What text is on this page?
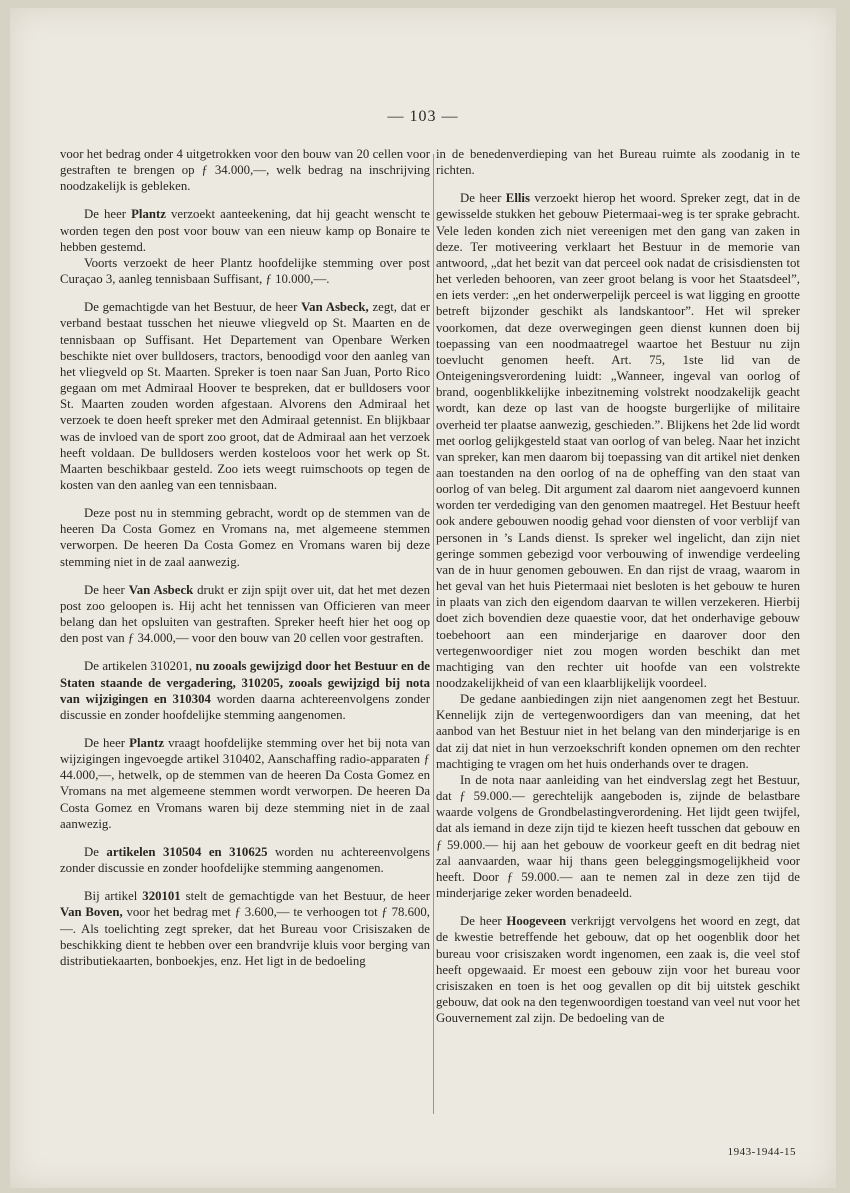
— 103 —

voor het bedrag onder 4 uitgetrokken voor den bouw van 20 cellen voor gestraften te brengen op ƒ 34.000,—, welk bedrag na inschrijving noodzakelijk is gebleken.

De heer Plantz verzoekt aanteekening, dat hij geacht wenscht te worden tegen den post voor bouw van een nieuw kamp op Bonaire te hebben gestemd.

Voorts verzoekt de heer Plantz hoofdelijke stemming over post Curaçao 3, aanleg tennisbaan Suffisant, ƒ 10.000,—.

De gemachtigde van het Bestuur, de heer Van Asbeck, zegt, dat er verband bestaat tusschen het nieuwe vliegveld op St. Maarten en de tennisbaan op Suffisant. Het Departement van Openbare Werken beschikte niet over bulldosers, tractors, benoodigd voor den aanleg van het vliegveld op St. Maarten. Spreker is toen naar San Juan, Porto Rico gegaan om met Admiraal Hoover te bespreken, dat er bulldosers voor St. Maarten zouden worden afgestaan. Alvorens den Admiraal het verzoek te doen heeft spreker met den Admiraal getennist. En blijkbaar was de invloed van de sport zoo groot, dat de Admiraal aan het verzoek heeft voldaan. De bulldosers werden kosteloos voor het werk op St. Maarten beschikbaar gesteld. Zoo iets weegt ruimschoots op tegen de kosten van den aanleg van een tennisbaan.

Deze post nu in stemming gebracht, wordt op de stemmen van de heeren Da Costa Gomez en Vromans na, met algemeene stemmen verworpen. De heeren Da Costa Gomez en Vromans waren bij deze stemming niet in de zaal aanwezig.

De heer Van Asbeck drukt er zijn spijt over uit, dat het met dezen post zoo geloopen is. Hij acht het tennissen van Officieren van meer belang dan het opsluiten van gestraften. Spreker heeft hier het oog op den post van ƒ 34.000,— voor den bouw van 20 cellen voor gestraften.

De artikelen 310201, nu zooals gewijzigd door het Bestuur en de Staten staande de vergadering, 310205, zooals gewijzigd bij nota van wijzigingen en 310304 worden daarna achtereenvolgens zonder discussie en zonder hoofdelijke stemming aangenomen.

De heer Plantz vraagt hoofdelijke stemming over het bij nota van wijzigingen ingevoegde artikel 310402, Aanschaffing radio-apparaten ƒ 44.000,—, hetwelk, op de stemmen van de heeren Da Costa Gomez en Vromans na met algemeene stemmen wordt verworpen. De heeren Da Costa Gomez en Vromans waren bij deze stemming niet in de zaal aanwezig.

De artikelen 310504 en 310625 worden nu achtereenvolgens zonder discussie en zonder hoofdelijke stemming aangenomen.

Bij artikel 320101 stelt de gemachtigde van het Bestuur, de heer Van Boven, voor het bedrag met ƒ 3.600,— te verhoogen tot ƒ 78.600,—. Als toelichting zegt spreker, dat het Bureau voor Crisiszaken de beschikking dient te hebben over een brandvrije kluis voor berging van distributiekaarten, bonboekjes, enz. Het ligt in de bedoeling

in de benedenverdieping van het Bureau ruimte als zoodanig in te richten.

De heer Ellis verzoekt hierop het woord. Spreker zegt, dat in de gewisselde stukken het gebouw Pietermaai-weg is ter sprake gebracht. Vele leden konden zich niet vereenigen met den gang van zaken in deze. Ter motiveering verklaart het Bestuur in de memorie van antwoord, „dat het bezit van dat perceel ook nadat de crisisdiensten tot het verleden behooren, van zeer groot belang is voor het Staatsdeel”, en iets verder: „en het onderwerpelijk perceel is wat ligging en grootte betreft bijzonder geschikt als landskantoor”. Het wil spreker voorkomen, dat deze overwegingen geen dienst kunnen doen bij toepassing van een noodmaatregel waartoe het Bestuur nu zijn toevlucht genomen heeft. Art. 75, 1ste lid van de Onteigeningsverordening luidt: „Wanneer, ingeval van oorlog of brand, oogenblikkelijke inbezitneming volstrekt noodzakelijk geacht wordt, kan deze op last van de hoogste burgerlijke of militaire overheid ter plaatse aanwezig, geschieden.”. Blijkens het 2de lid wordt met oorlog gelijkgesteld staat van oorlog of van beleg. Naar het inzicht van spreker, kan men daarom bij toepassing van dit artikel niet denken aan toestanden na den oorlog of na de opheffing van den staat van oorlog of van beleg. Dit argument zal daarom niet aangevoerd kunnen worden ter verdediging van den genomen maatregel. Het Bestuur heeft ook andere gebouwen noodig gehad voor diensten of voor verblijf van personen in ’s Lands dienst. Is spreker wel ingelicht, dan zijn niet geringe sommen gebezigd voor verbouwing of inwendige verdeeling van de in huur genomen gebouwen. En dan rijst de vraag, waarom in het geval van het huis Pietermaai niet besloten is het gebouw te huren in plaats van zich den eigendom daarvan te willen verzekeren. Hierbij doet zich bovendien deze quaestie voor, dat het onderhavige gebouw toebehoort aan een minderjarige en daarover door den vertegenwoordiger niet zou mogen worden beschikt dan met machtiging van den rechter uit hoofde van een volstrekte noodzakelijkheid of van een klaarblijkelijk voordeel.

De gedane aanbiedingen zijn niet aangenomen zegt het Bestuur. Kennelijk zijn de vertegenwoordigers dan van meening, dat het aanbod van het Bestuur niet in het belang van den minderjarige is en dat zij dat niet in hun verzoekschrift konden opnemen om den rechter machtiging te vragen om het huis onderhands over te dragen.

In de nota naar aanleiding van het eindverslag zegt het Bestuur, dat ƒ 59.000.— gerechtelijk aangeboden is, zijnde de belastbare waarde volgens de Grondbelastingverordening. Het lijdt geen twijfel, dat als iemand in deze zijn tijd te kiezen heeft tusschen dat gebouw en ƒ 59.000.— hij aan het gebouw de voorkeur geeft en dit bedrag niet zal aanvaarden, waar hij thans geen beleggingsmogelijkheid voor heeft. Door ƒ 59.000.— aan te nemen zal in deze zen tijd de minderjarige zeker worden benadeeld.

De heer Hoogeveen verkrijgt vervolgens het woord en zegt, dat de kwestie betreffende het gebouw, dat op het oogenblik door het bureau voor crisiszaken wordt ingenomen, een zaak is, die veel stof heeft opgewaaid. Er moest een gebouw zijn voor het bureau voor crisiszaken en toen is het oog gevallen op dit bij uitstek geschikt gebouw, dat ook na den tegenwoordigen toestand van veel nut voor het Gouvernement zal zijn. De bedoeling van de

1943-1944-15
